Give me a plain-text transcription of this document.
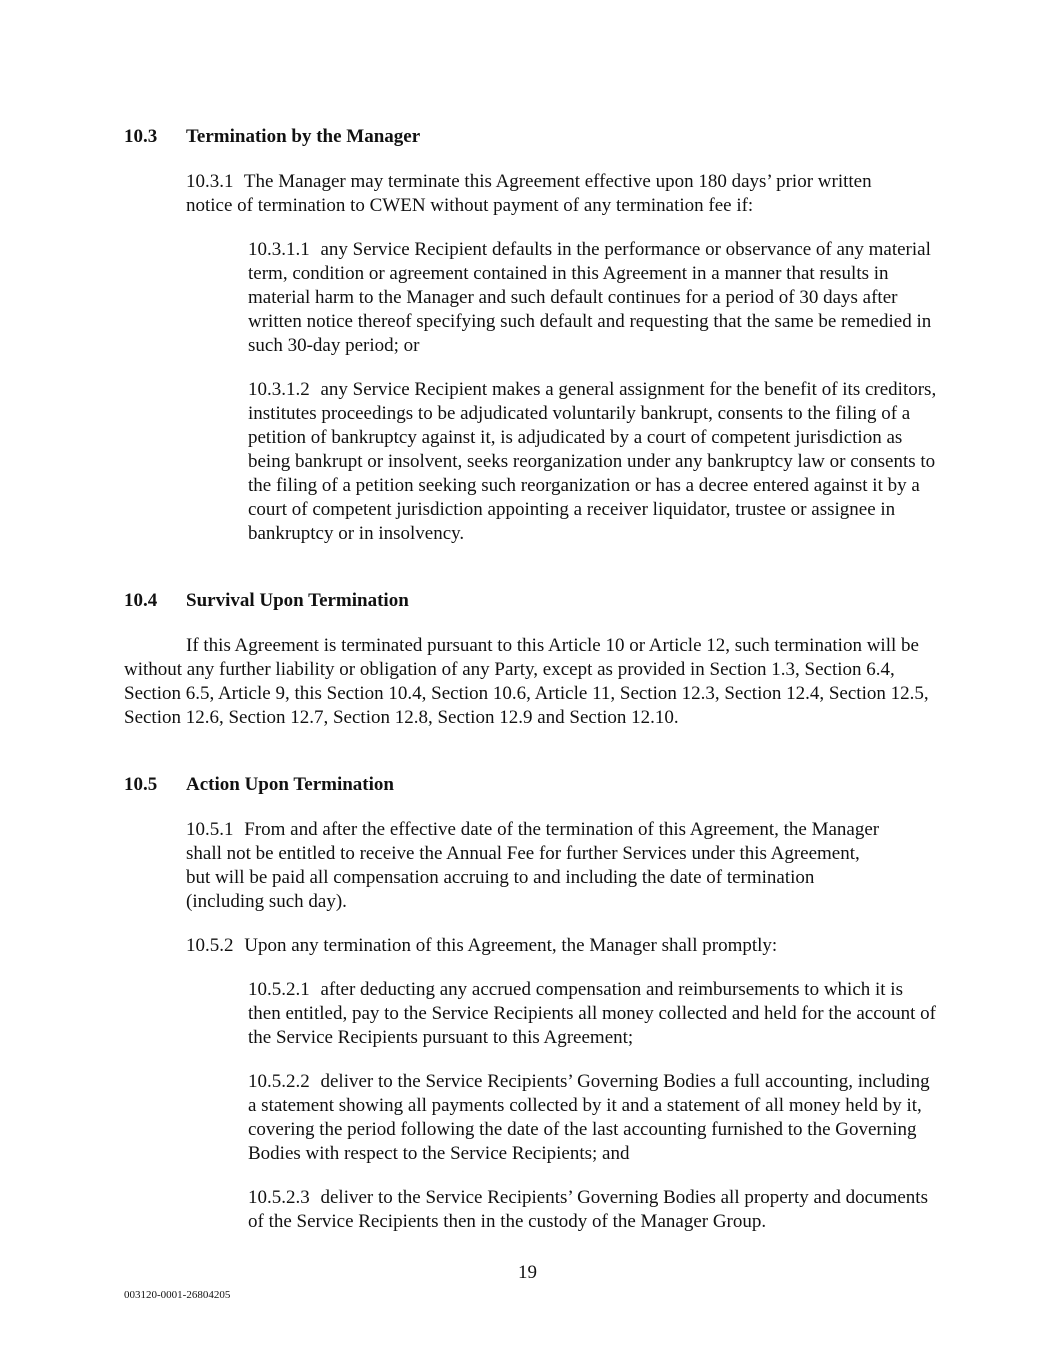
10.3 Termination by the Manager
10.3.1 The Manager may terminate this Agreement effective upon 180 days’ prior written notice of termination to CWEN without payment of any termination fee if:
10.3.1.1 any Service Recipient defaults in the performance or observance of any material term, condition or agreement contained in this Agreement in a manner that results in material harm to the Manager and such default continues for a period of 30 days after written notice thereof specifying such default and requesting that the same be remedied in such 30-day period; or
10.3.1.2 any Service Recipient makes a general assignment for the benefit of its creditors, institutes proceedings to be adjudicated voluntarily bankrupt, consents to the filing of a petition of bankruptcy against it, is adjudicated by a court of competent jurisdiction as being bankrupt or insolvent, seeks reorganization under any bankruptcy law or consents to the filing of a petition seeking such reorganization or has a decree entered against it by a court of competent jurisdiction appointing a receiver liquidator, trustee or assignee in bankruptcy or in insolvency.
10.4 Survival Upon Termination
If this Agreement is terminated pursuant to this Article 10 or Article 12, such termination will be without any further liability or obligation of any Party, except as provided in Section 1.3, Section 6.4, Section 6.5, Article 9, this Section 10.4, Section 10.6, Article 11, Section 12.3, Section 12.4, Section 12.5, Section 12.6, Section 12.7, Section 12.8, Section 12.9 and Section 12.10.
10.5 Action Upon Termination
10.5.1 From and after the effective date of the termination of this Agreement, the Manager shall not be entitled to receive the Annual Fee for further Services under this Agreement, but will be paid all compensation accruing to and including the date of termination (including such day).
10.5.2 Upon any termination of this Agreement, the Manager shall promptly:
10.5.2.1 after deducting any accrued compensation and reimbursements to which it is then entitled, pay to the Service Recipients all money collected and held for the account of the Service Recipients pursuant to this Agreement;
10.5.2.2 deliver to the Service Recipients’ Governing Bodies a full accounting, including a statement showing all payments collected by it and a statement of all money held by it, covering the period following the date of the last accounting furnished to the Governing Bodies with respect to the Service Recipients; and
10.5.2.3 deliver to the Service Recipients’ Governing Bodies all property and documents of the Service Recipients then in the custody of the Manager Group.
19
003120-0001-26804205
